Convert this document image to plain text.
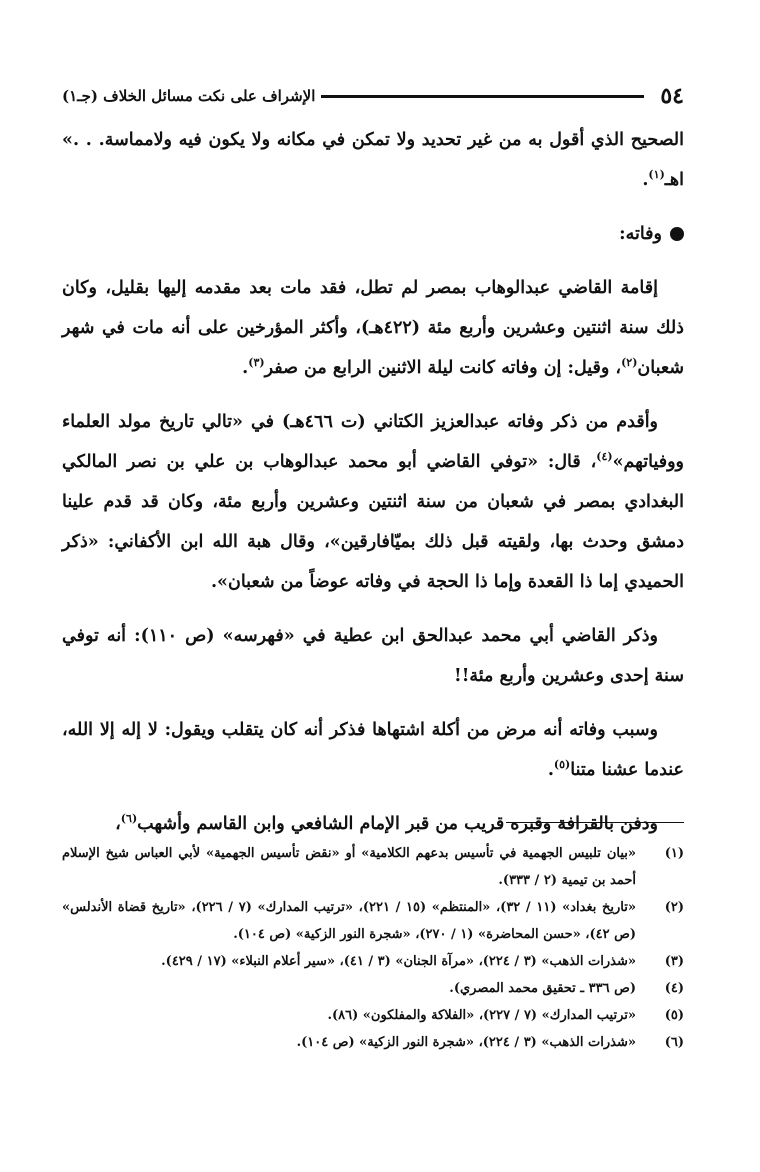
٥٤
الإشراف على نكت مسائل الخلاف (جـ١)

الصحيح الذي أقول به من غير تحديد ولا تمكن في مكانه ولا يكون فيه ولامماسة. . .» اهـ$^{(١)}$.

وفاته:

إقامة القاضي عبدالوهاب بمصر لم تطل، فقد مات بعد مقدمه إليها بقليل، وكان ذلك سنة اثنتين وعشرين وأربع مئة (٤٢٢هـ)، وأكثر المؤرخين على أنه مات في شهر شعبان$^{(٢)}$، وقيل: إن وفاته كانت ليلة الاثنين الرابع من صفر$^{(٣)}$.

وأقدم من ذكر وفاته عبدالعزيز الكتاني (ت ٤٦٦هـ) في «تالي تاريخ مولد العلماء ووفياتهم»$^{(٤)}$، قال: «توفي القاضي أبو محمد عبدالوهاب بن علي بن نصر المالكي البغدادي بمصر في شعبان من سنة اثنتين وعشرين وأربع مئة، وكان قد قدم علينا دمشق وحدث بها، ولقيته قبل ذلك بميّافارقين»، وقال هبة الله ابن الأكفاني: «ذكر الحميدي إما ذا القعدة وإما ذا الحجة في وفاته عوضاً من شعبان».

وذكر القاضي أبي محمد عبدالحق ابن عطية في «فهرسه» (ص ١١٠): أنه توفي سنة إحدى وعشرين وأربع مئة!!

وسبب وفاته أنه مرض من أكلة اشتهاها فذكر أنه كان يتقلب ويقول: لا إله إلا الله، عندما عشنا متنا$^{(٥)}$.

ودفن بالقرافة وقبره قريب من قبر الإمام الشافعي وابن القاسم وأشهب$^{(٦)}$،

(١)
«بيان تلبيس الجهمية في تأسيس بدعهم الكلامية» أو «نقض تأسيس الجهمية» لأبي العباس شيخ الإسلام أحمد بن تيمية (٢ / ٣٣٣).
(٢)
«تاريخ بغداد» (١١ / ٣٢)، «المنتظم» (١٥ / ٢٢١)، «ترتيب المدارك» (٧ / ٢٢٦)، «تاريخ قضاة الأندلس» (ص ٤٢)، «حسن المحاضرة» (١ / ٢٧٠)، «شجرة النور الزكية» (ص ١٠٤).
(٣)
«شذرات الذهب» (٣ / ٢٢٤)، «مرآة الجنان» (٣ / ٤١)، «سير أعلام النبلاء» (١٧ / ٤٢٩).
(٤)
(ص ٣٣٦ ـ تحقيق محمد المصري).
(٥)
«ترتيب المدارك» (٧ / ٢٢٧)، «الفلاكة والمفلكون» (٨٦).
(٦)
«شذرات الذهب» (٣ / ٢٢٤)، «شجرة النور الزكية» (ص ١٠٤).
